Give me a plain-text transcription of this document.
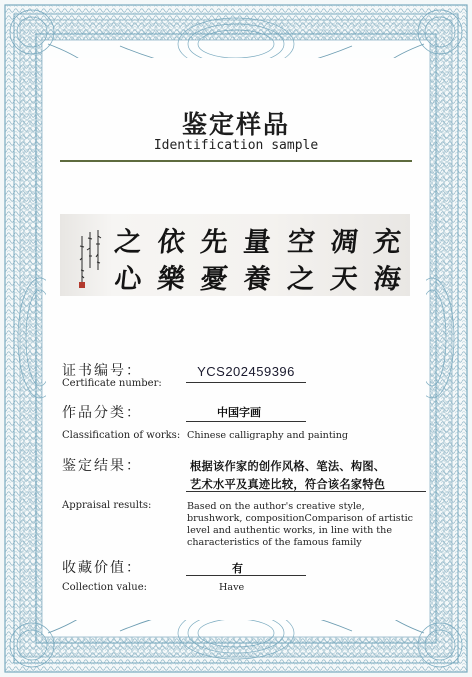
鉴定样品
Identification sample
之 依 先 量 空 凋 充
心 樂 憂 養 之 天 海
证书编号：
Certificate number:
YCS202459396
作品分类：	中国字画
Classification of works: Chinese calligraphy and painting
鉴定结果：	根据该作家的创作风格、笔法、构图、
艺术水平及真迹比较，符合该名家特色
Appraisal results:	Based on the author's creative style,
brushwork, compositionComparison of artistic
level and authentic works, in line with the
characteristics of the famous family
收藏价值：	有
Collection value:	Have
